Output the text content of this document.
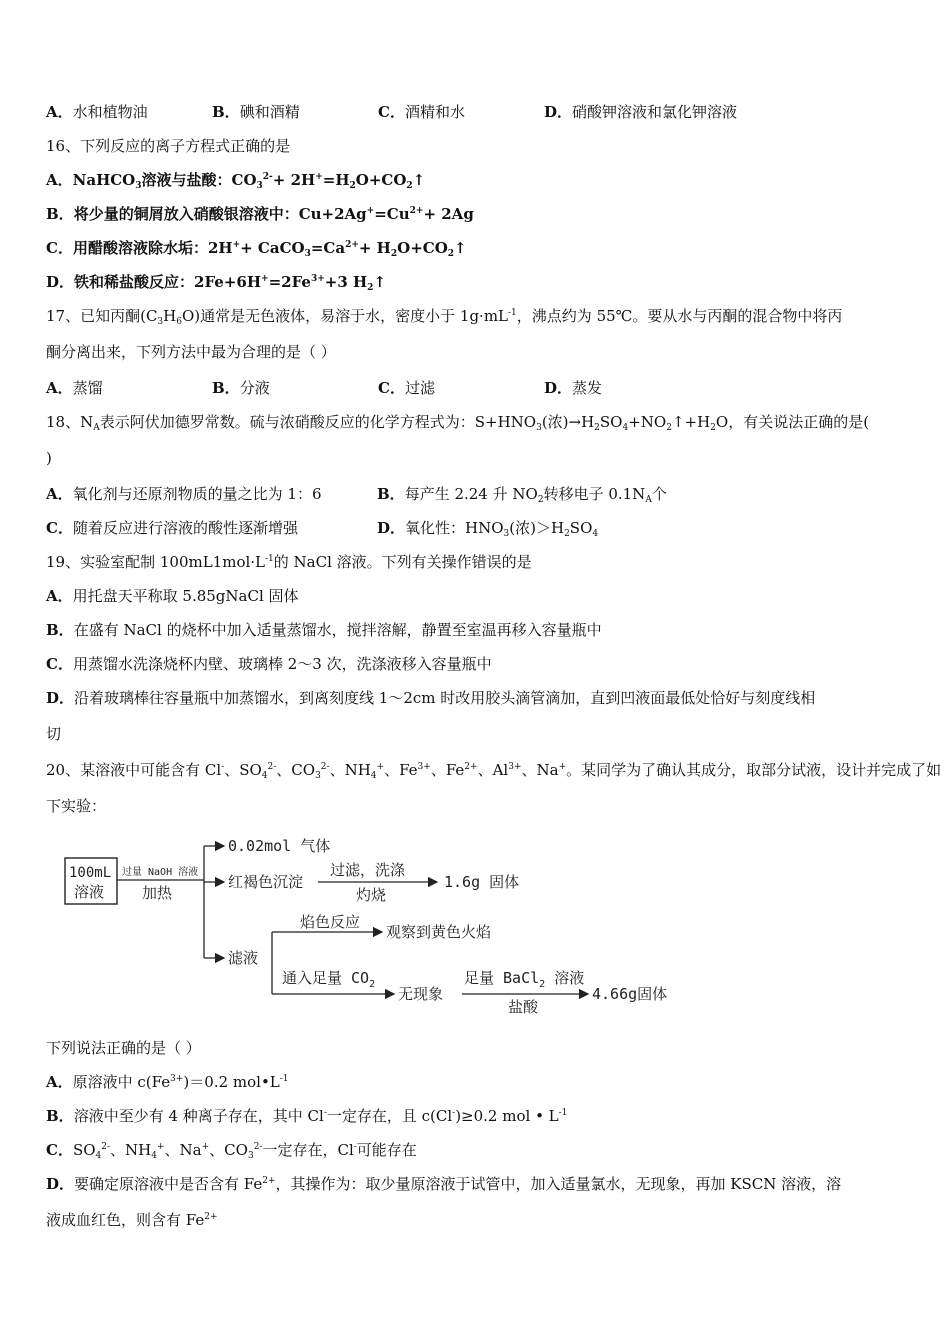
A．水和植物油	B．碘和酒精	C．酒精和水	D．硝酸钾溶液和氯化钾溶液
16、下列反应的离子方程式正确的是
A．NaHCO$_3$溶液与盐酸：$CO_3^{2-}+$ $2H^+=H_2O+CO_2↑$
B．将少量的铜屑放入硝酸银溶液中：$Cu+2Ag^+=Cu^{2+}+ 2Ag$
C．用醋酸溶液除水垢：$2H^++ CaCO_3=Ca^{2+}+$ $H_2O+CO_2↑$
D．铁和稀盐酸反应：$2Fe+6H^+=2Fe^{3+}+3$ $H_2↑$
17、已知丙酮$(C_3H_6O)$通常是无色液体，易溶于水，密度小于 $1g\cdot mL^{-1}$，沸点约为 55℃。要从水与丙酮的混合物中将丙
酮分离出来，下列方法中最为合理的是（ ）
A．蒸馏	B．分液	C．过滤	D．蒸发
18、$N_A$表示阿伏加德罗常数。硫与浓硝酸反应的化学方程式为：$S+HNO_3$(浓)$\to H_2SO_4+NO_2↑+H_2O$，有关说法正确的是(
)
A．氧化剂与还原剂物质的量之比为 1：6	B．每产生 2.24 升 $NO_2$转移电子 $0.1N_A$个
C．随着反应进行溶液的酸性逐渐增强	D．氧化性：$HNO_3$(浓)$>H_2SO_4$
19、实验室配制 $100mL1mol\cdot L^{-1}$的 NaCl 溶液。下列有关操作错误的是
A．用托盘天平称取 5.85gNaCl 固体
B．在盛有 NaCl 的烧杯中加入适量蒸馏水，搅拌溶解，静置至室温再移入容量瓶中
C．用蒸馏水洗涤烧杯内壁、玻璃棒 2～3 次，洗涤液移入容量瓶中
D．沿着玻璃棒往容量瓶中加蒸馏水，到离刻度线 1～2cm 时改用胶头滴管滴加，直到凹液面最低处恰好与刻度线相
切
20、某溶液中可能含有 Cl-、$SO_4^{2-}$、$CO_3^{2-}$、$NH_4^+$、$Fe^{3+}$、$Fe^{2+}$、$Al^{3+}$、Na+。某同学为了确认其成分，取部分试液，设计并完成了如
下实验：
100mL
溶液
过量 NaOH 溶液
加热
0.02mol 气体
红褐色沉淀
过滤，洗涤
灼烧
1.6g 固体
滤液
焰色反应
观察到黄色火焰
通入足量 $CO_2$
无现象
足量 BaCl$_2$ 溶液
盐酸
4.66g固体
下列说法正确的是（ ）
A．原溶液中 $c(Fe^{3+})=0.2$ $mol•L^{-1}$
B．溶液中至少有 4 种离子存在，其中 Cl-一定存在，且 c(Cl-)≥0.2 mol • $L^{-1}$
C．$SO_4^{2-}$、$NH_4^+$、Na+、$CO_3^{2-}$一定存在，Cl-可能存在
D．要确定原溶液中是否含有 $Fe^{2+}$，其操作为：取少量原溶液于试管中，加入适量氯水，无现象，再加 KSCN 溶液，溶
液成血红色，则含有 $Fe^{2+}$
